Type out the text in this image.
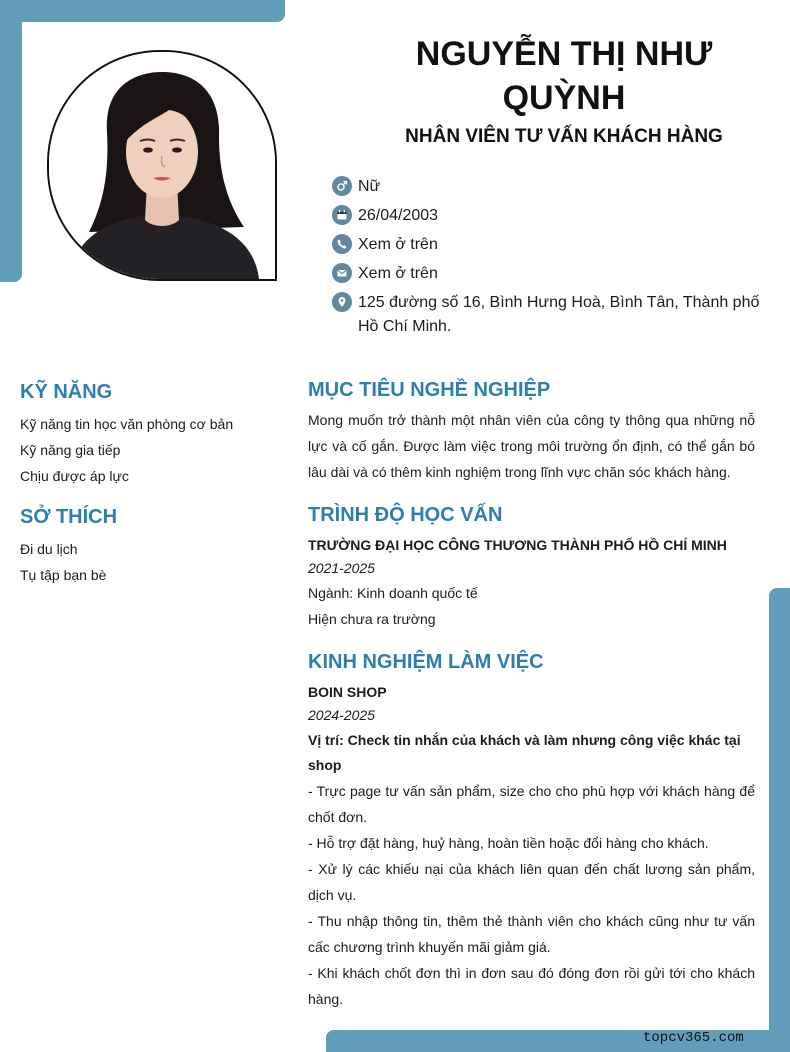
NGUYỄN THỊ NHƯ QUỲNH
NHÂN VIÊN TƯ VẤN KHÁCH HÀNG
Nữ
26/04/2003
Xem ở trên
Xem ở trên
125 đường số 16, Bình Hưng Hoà, Bình Tân, Thành phố Hồ Chí Minh.
KỸ NĂNG
Kỹ năng tin học văn phòng cơ bản
Kỹ năng gia tiếp
Chịu được áp lực
SỞ THÍCH
Đi du lịch
Tụ tập bạn bè
MỤC TIÊU NGHỀ NGHIỆP

Mong muốn trở thành một nhân viên của công ty thông qua những nỗ lực và cố gắn. Được làm việc trong môi trường ổn định, có thể gắn bó lâu dài và có thêm kinh nghiệm trong lĩnh vực chăn sóc khách hàng.

TRÌNH ĐỘ HỌC VẤN
TRƯỜNG ĐẠI HỌC CÔNG THƯƠNG THÀNH PHỐ HỒ CHÍ MINH
2021-2025
Ngành: Kinh doanh quốc tế
Hiện chưa ra trường
KINH NGHIỆM LÀM VIỆC
BOIN SHOP
2024-2025
Vị trí: Check tin nhắn của khách và làm nhưng công việc khác tại shop

- Trực page tư vấn sản phẩm, size cho cho phù hợp với khách hàng để chốt đơn.

- Hỗ trợ đặt hàng, huỷ hàng, hoàn tiền hoặc đổi hàng cho khách.

- Xử lý các khiếu nại của khách liên quan đến chất lương sản phẩm, dịch vụ.

- Thu nhập thông tin, thêm thẻ thành viên cho khách cũng như tư vấn cấc chương trình khuyến mãi giảm giá.

- Khi khách chốt đơn thì in đơn sau đó đóng đơn rồi gửi tới cho khách hàng.

topcv365.com
